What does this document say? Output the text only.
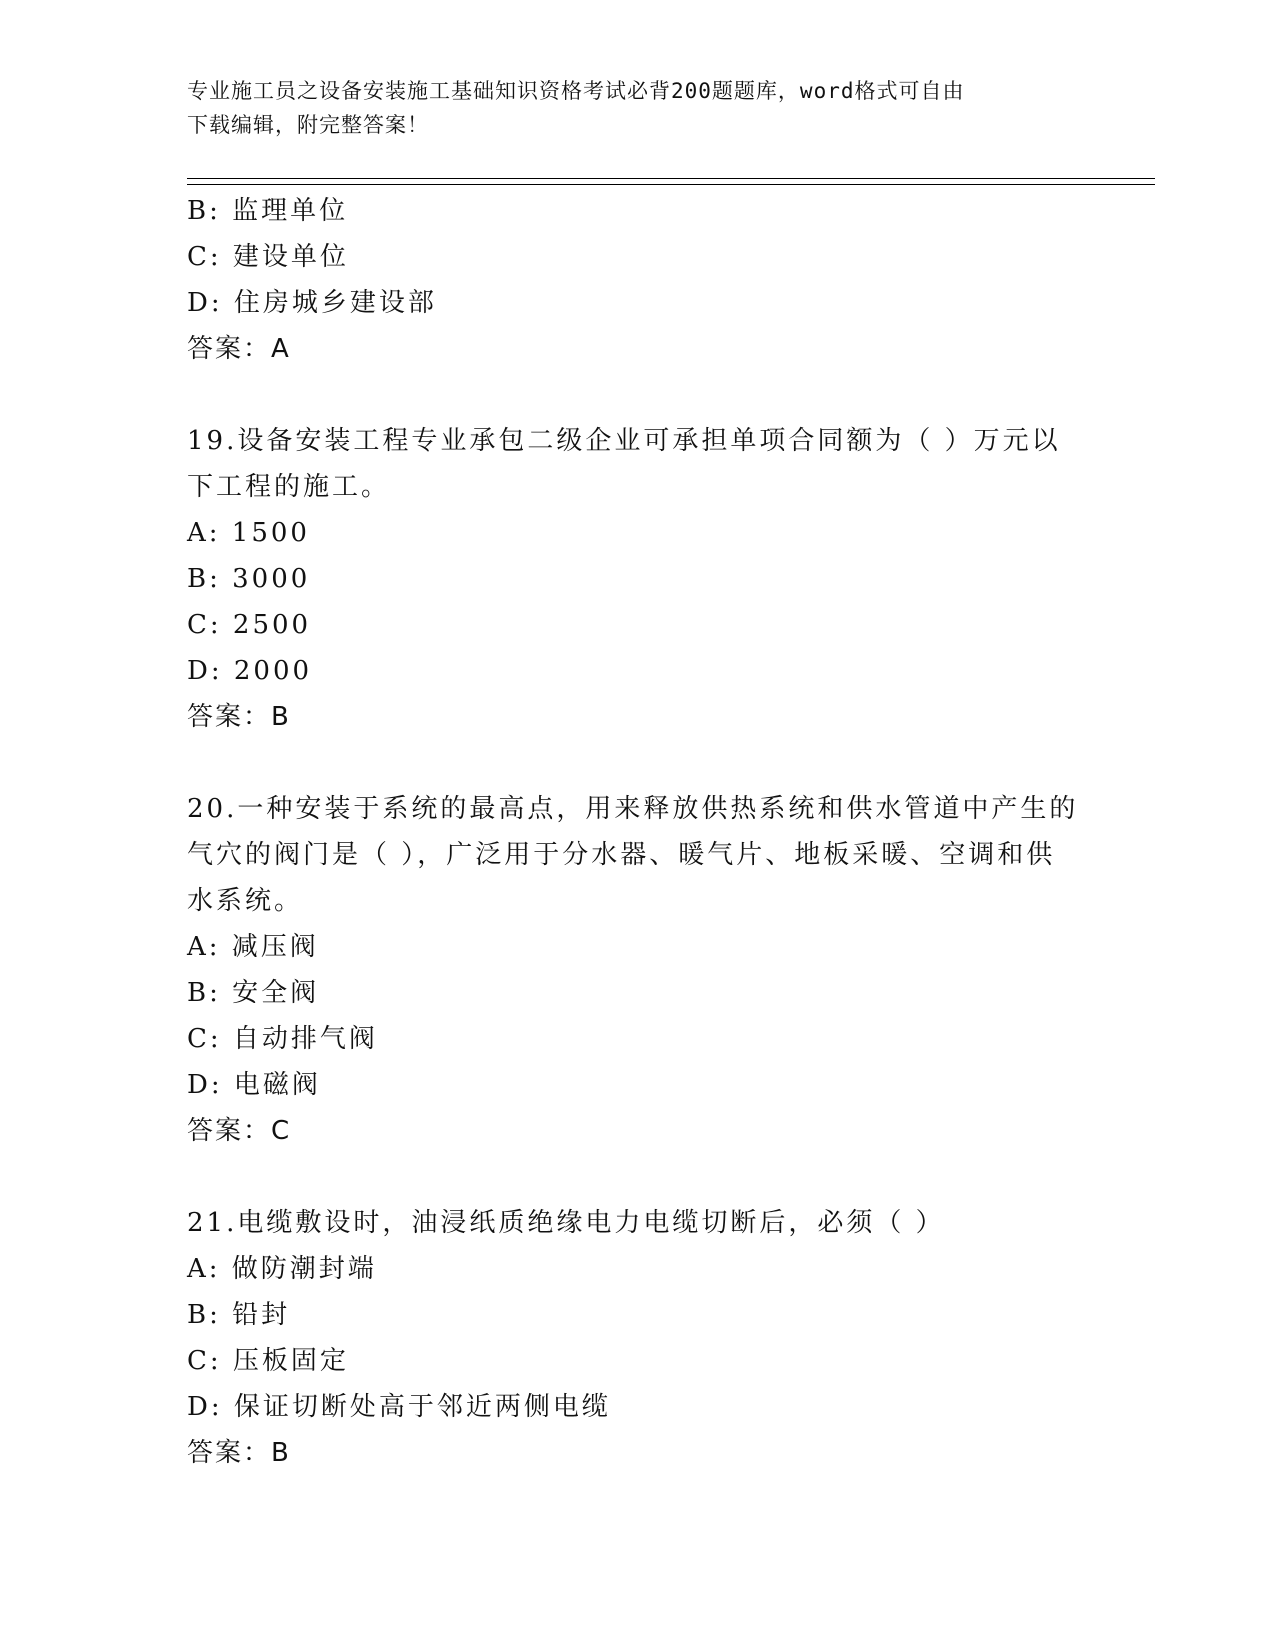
专业施工员之设备安装施工基础知识资格考试必背200题题库，word格式可自由
下载编辑，附完整答案！
B: 监理单位
C: 建设单位
D: 住房城乡建设部
答案：A
19.设备安装工程专业承包二级企业可承担单项合同额为（ ）万元以
下工程的施工。
A: 1500
B: 3000
C: 2500
D: 2000
答案：B
20.一种安装于系统的最高点，用来释放供热系统和供水管道中产生的
气穴的阀门是（ ），广泛用于分水器、暖气片、地板采暖、空调和供
水系统。
A: 减压阀
B: 安全阀
C: 自动排气阀
D: 电磁阀
答案：C
21.电缆敷设时，油浸纸质绝缘电力电缆切断后，必须（ ）
A: 做防潮封端
B: 铅封
C: 压板固定
D: 保证切断处高于邻近两侧电缆
答案：B
